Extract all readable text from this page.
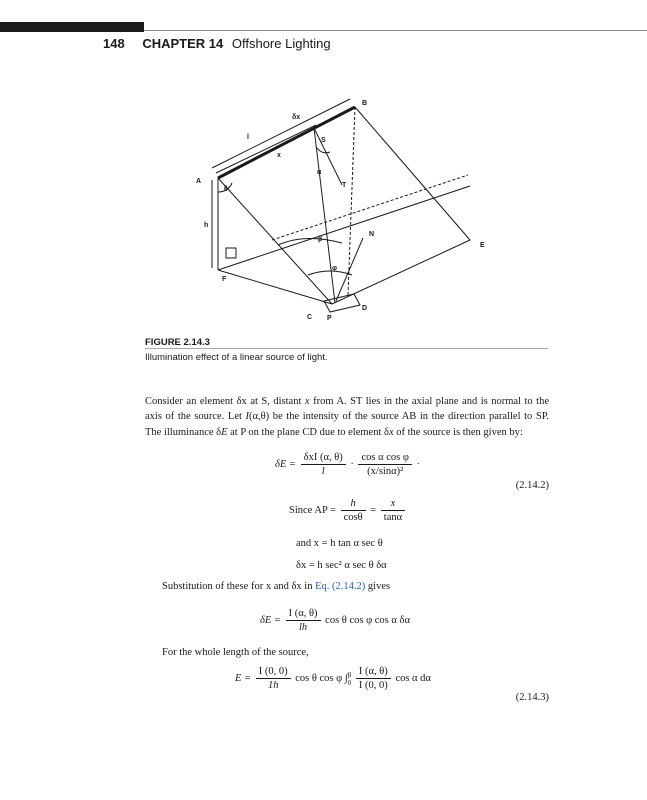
148 CHAPTER 14 Offshore Lighting
A
B
C
D
E
F
P
S
T
N
δx
l
x
h
θ
α
β
φ
FIGURE 2.14.3
Illumination effect of a linear source of light.
Consider an element δx at S, distant x from A. ST lies in the axial plane and is normal to the axis of the source. Let I(α,θ) be the intensity of the source AB in the direction parallel to SP. The illuminance δE at P on the plane CD due to element δx of the source is then given by:
$\delta E = \frac{\text{δxI (α, θ)}}{l} \cdot \frac{\text{cos α cos φ}}{\text{(x/sinα)²}}$ ·
(2.14.2)
Since AP = $\frac{h}{\cos\theta} = \frac{x}{\tan\alpha}$
and x = h tan α sec θ
δx = h sec² α sec θ δα
Substitution of these for x and δx in Eq. (2.14.2) gives
$\delta E = \frac{I (\alpha, \theta)}{lh}$ cos θ cos φ cos α δα
For the whole length of the source,
$E = \frac{I (0, 0)}{1h}$ cos θ cos φ ∫ β
0
$\frac{I (\alpha, \theta)}{I (0, 0)}$ cos α dα
(2.14.3)
